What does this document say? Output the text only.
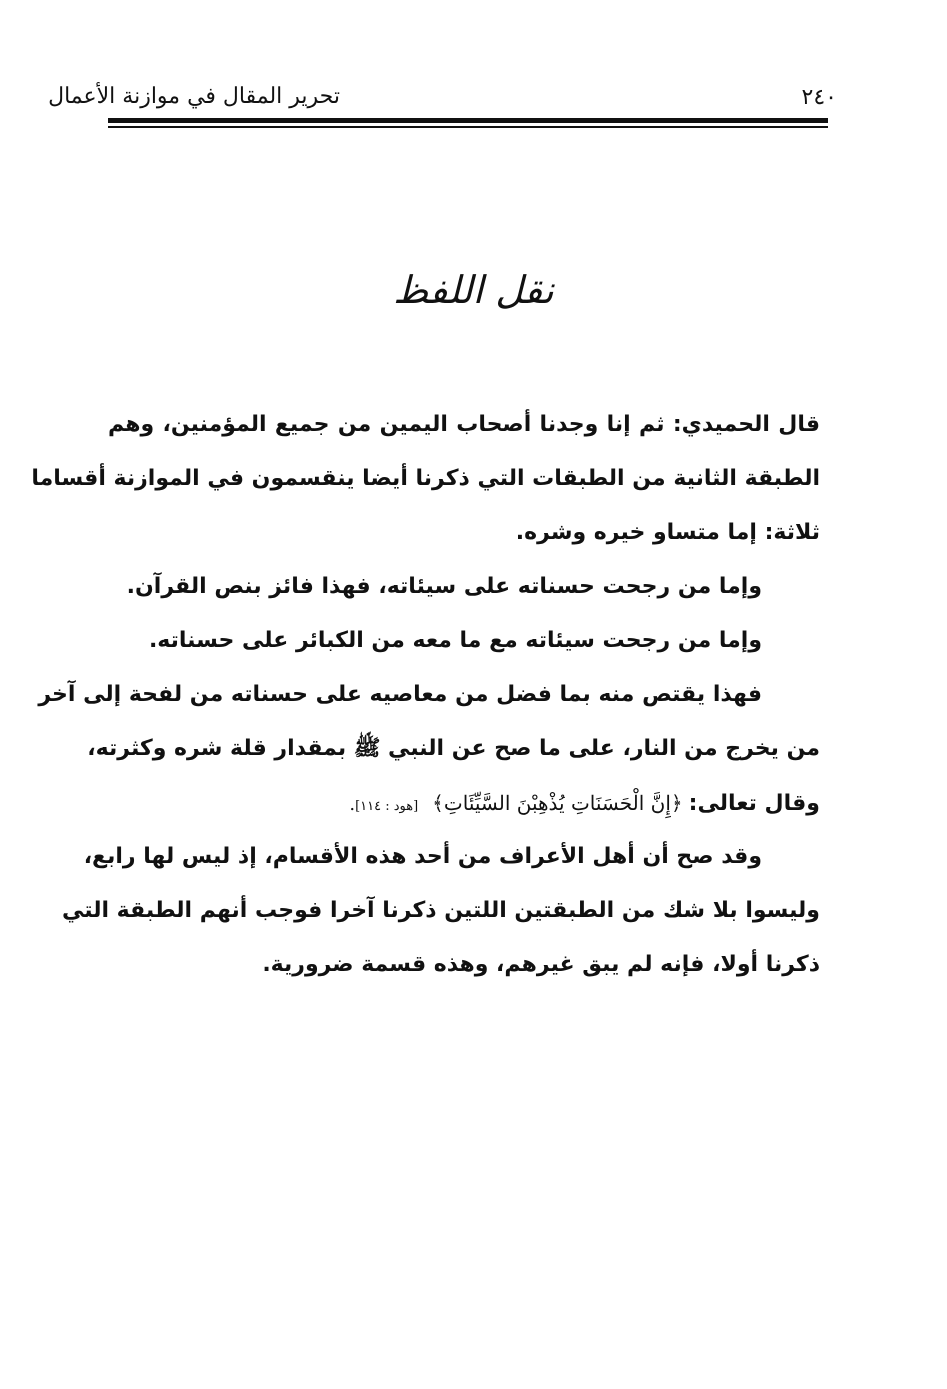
تحرير المقال في موازنة الأعمال	٢٤٠
نقل اللفظ
قال الحميدي: ثم إنا وجدنا أصحاب اليمين من جميع المؤمنين، وهم
الطبقة الثانية من الطبقات التي ذكرنا أيضا ينقسمون في الموازنة أقساما
ثلاثة: إما متساو خيره وشره.
وإما من رجحت حسناته على سيئاته، فهذا فائز بنص القرآن.
وإما من رجحت سيئاته مع ما معه من الكبائر على حسناته.
فهذا يقتص منه بما فضل من معاصيه على حسناته من لفحة إلى آخر
من يخرج من النار، على ما صح عن النبي ﷺ بمقدار قلة شره وكثرته،
وقال تعالى:
﴿إِنَّ الْحَسَنَاتِ يُذْهِبْنَ السَّيِّئَاتِ﴾
[هود : ١١٤]
.
وقد صح أن أهل الأعراف من أحد هذه الأقسام، إذ ليس لها رابع،
وليسوا بلا شك من الطبقتين اللتين ذكرنا آخرا فوجب أنهم الطبقة التي
ذكرنا أولا، فإنه لم يبق غيرهم، وهذه قسمة ضرورية.
